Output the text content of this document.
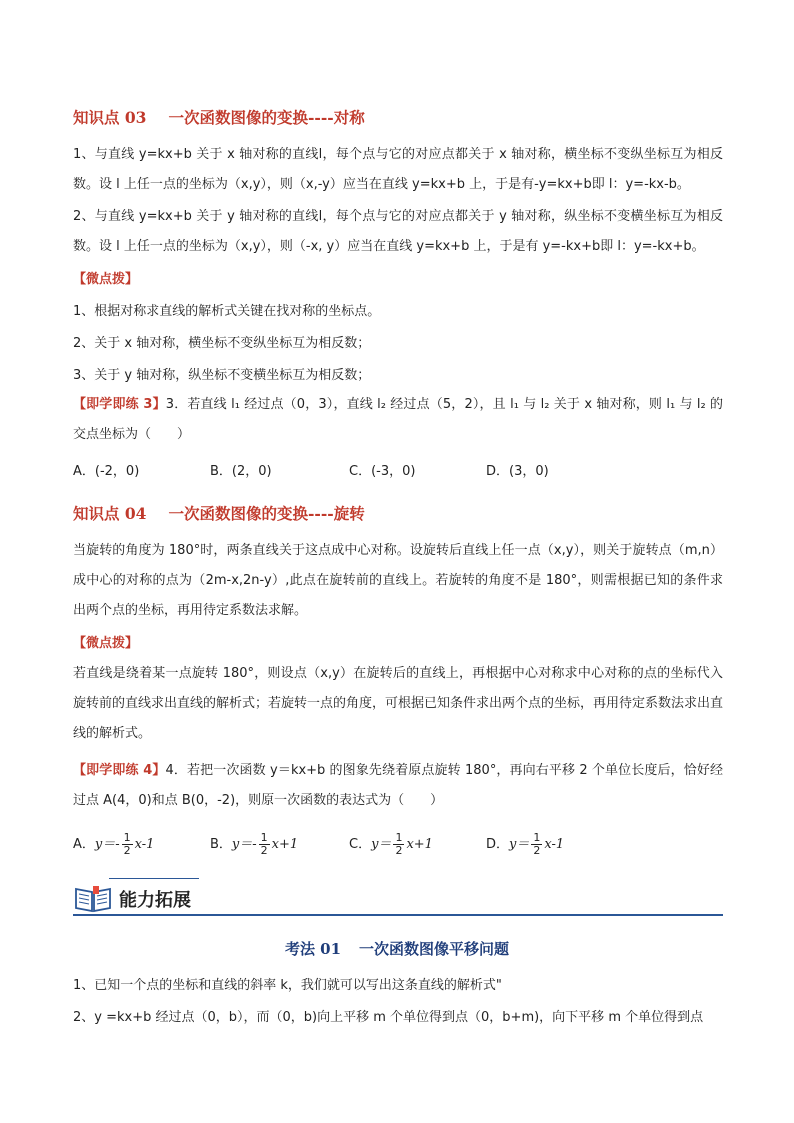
知识点 03 一次函数图像的变换----对称
1、与直线 y=kx+b 关于 x 轴对称的直线l，每个点与它的对应点都关于 x 轴对称，横坐标不变纵坐标互为相反数。设 l 上任一点的坐标为（x,y），则（x,-y）应当在直线 y=kx+b 上，于是有-y=kx+b即 l：y=-kx-b。
2、与直线 y=kx+b 关于 y 轴对称的直线l，每个点与它的对应点都关于 y 轴对称，纵坐标不变横坐标互为相反数。设 l 上任一点的坐标为（x,y），则（-x, y）应当在直线 y=kx+b 上，于是有 y=-kx+b即 l：y=-kx+b。
【微点拨】
1、根据对称求直线的解析式关键在找对称的坐标点。
2、关于 x 轴对称，横坐标不变纵坐标互为相反数；
3、关于 y 轴对称，纵坐标不变横坐标互为相反数；
【即学即练 3】3．若直线 l₁ 经过点（0，3），直线 l₂ 经过点（5，2），且 l₁ 与 l₂ 关于 x 轴对称，则 l₁ 与 l₂ 的交点坐标为（　　）
A．(-2，0)	B．(2，0)	C．(-3，0)	D．(3，0)
知识点 04 一次函数图像的变换----旋转
当旋转的角度为 180°时，两条直线关于这点成中心对称。设旋转后直线上任一点（x,y），则关于旋转点（m,n）成中心的对称的点为（2m-x,2n-y）,此点在旋转前的直线上。若旋转的角度不是 180°，则需根据已知的条件求出两个点的坐标，再用待定系数法求解。
【微点拨】
若直线是绕着某一点旋转 180°，则设点（x,y）在旋转后的直线上，再根据中心对称求中心对称的点的坐标代入旋转前的直线求出直线的解析式；若旋转一点的角度，可根据已知条件求出两个点的坐标，再用待定系数法求出直线的解析式。
【即学即练 4】4．若把一次函数 y＝kx+b 的图象先绕着原点旋转 180°，再向右平移 2 个单位长度后，恰好经过点 A(4，0)和点 B(0，-2)，则原一次函数的表达式为（　　）
A．$y=- \frac{1}{2} x-1$	B．$y=- \frac{1}{2} x+1$	C．$y= \frac{1}{2} x+1$	D．$y= \frac{1}{2} x-1$
1、已知一个点的坐标和直线的斜率 k，我们就可以写出这条直线的解析式"
2、y =kx+b 经过点（0，b），而（0，b)向上平移 m 个单位得到点（0，b+m)，向下平移 m 个单位得到点
能力拓展
考法 01 一次函数图像平移问题
